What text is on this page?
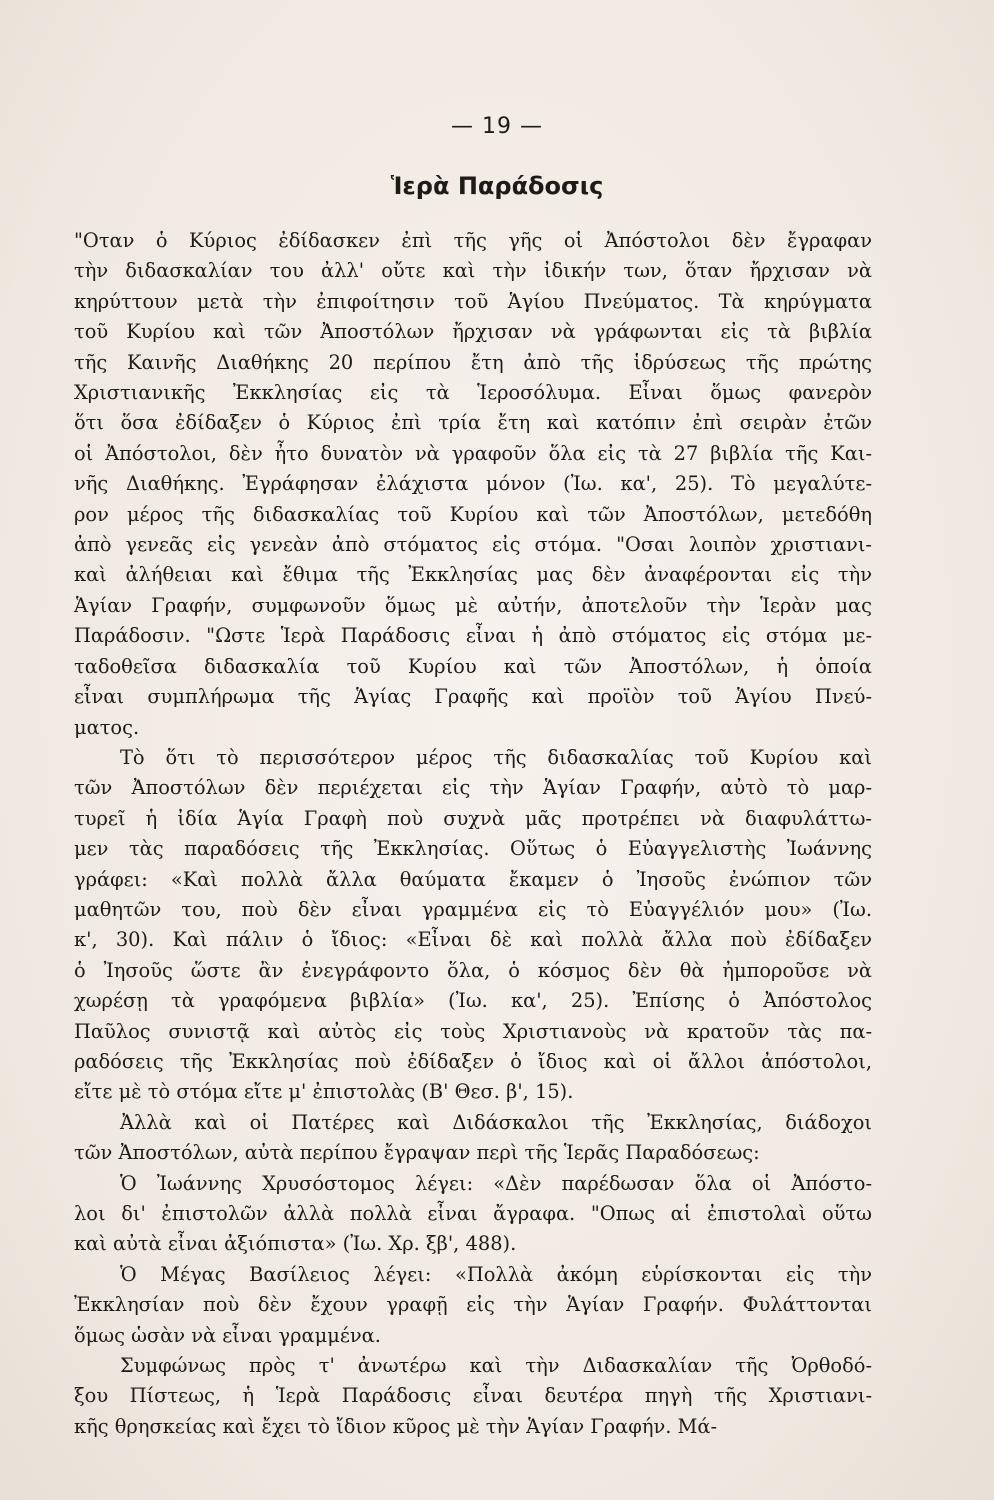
— 19 —
Ἱερὰ Παράδοσις
"Οταν ὁ Κύριος ἐδίδασκεν ἐπὶ τῆς γῆς οἱ Ἀπόστολοι δὲν ἔγραφαν
τὴν διδασκαλίαν του ἀλλ' οὔτε καὶ τὴν ἰδικήν των, ὅταν ἤρχισαν νὰ
κηρύττουν μετὰ τὴν ἐπιφοίτησιν τοῦ Ἁγίου Πνεύματος. Τὰ κηρύγματα
τοῦ Κυρίου καὶ τῶν Ἀποστόλων ἤρχισαν νὰ γράφωνται εἰς τὰ βιβλία
τῆς Καινῆς Διαθήκης 20 περίπου ἔτη ἀπὸ τῆς ἱδρύσεως τῆς πρώτης
Χριστιανικῆς Ἐκκλησίας εἰς τὰ Ἱεροσόλυμα. Εἶναι ὅμως φανερὸν
ὅτι ὅσα ἐδίδαξεν ὁ Κύριος ἐπὶ τρία ἔτη καὶ κατόπιν ἐπὶ σειρὰν ἐτῶν
οἱ Ἀπόστολοι, δὲν ἦτο δυνατὸν νὰ γραφοῦν ὅλα εἰς τὰ 27 βιβλία τῆς Και-
νῆς Διαθήκης. Ἐγράφησαν ἐλάχιστα μόνον (Ἰω. κα', 25). Τὸ μεγαλύτε-
ρον μέρος τῆς διδασκαλίας τοῦ Κυρίου καὶ τῶν Ἀποστόλων, μετεδόθη
ἀπὸ γενεᾶς εἰς γενεὰν ἀπὸ στόματος εἰς στόμα. "Οσαι λοιπὸν χριστιανι-
καὶ ἀλήθειαι καὶ ἔθιμα τῆς Ἐκκλησίας μας δὲν ἀναφέρονται εἰς τὴν
Ἁγίαν Γραφήν, συμφωνοῦν ὅμως μὲ αὐτήν, ἀποτελοῦν τὴν Ἱερὰν μας
Παράδοσιν. "Ωστε Ἱερὰ Παράδοσις εἶναι ἡ ἀπὸ στόματος εἰς στόμα με-
ταδοθεῖσα διδασκαλία τοῦ Κυρίου καὶ τῶν Ἀποστόλων, ἡ ὁποία
εἶναι συμπλήρωμα τῆς Ἁγίας Γραφῆς καὶ προϊὸν τοῦ Ἁγίου Πνεύ-
ματος.
Τὸ ὅτι τὸ περισσότερον μέρος τῆς διδασκαλίας τοῦ Κυρίου καὶ
τῶν Ἀποστόλων δὲν περιέχεται εἰς τὴν Ἁγίαν Γραφήν, αὐτὸ τὸ μαρ-
τυρεῖ ἡ ἰδία Ἁγία Γραφὴ ποὺ συχνὰ μᾶς προτρέπει νὰ διαφυλάττω-
μεν τὰς παραδόσεις τῆς Ἐκκλησίας. Οὕτως ὁ Εὐαγγελιστὴς Ἰωάννης
γράφει: «Καὶ πολλὰ ἄλλα θαύματα ἔκαμεν ὁ Ἰησοῦς ἐνώπιον τῶν
μαθητῶν του, ποὺ δὲν εἶναι γραμμένα εἰς τὸ Εὐαγγέλιόν μου» (Ἰω.
κ', 30). Καὶ πάλιν ὁ ἴδιος: «Εἶναι δὲ καὶ πολλὰ ἄλλα ποὺ ἐδίδαξεν
ὁ Ἰησοῦς ὥστε ἂν ἐνεγράφοντο ὅλα, ὁ κόσμος δὲν θὰ ἠμποροῦσε νὰ
χωρέσῃ τὰ γραφόμενα βιβλία» (Ἰω. κα', 25). Ἐπίσης ὁ Ἀπόστολος
Παῦλος συνιστᾷ καὶ αὐτὸς εἰς τοὺς Χριστιανοὺς νὰ κρατοῦν τὰς πα-
ραδόσεις τῆς Ἐκκλησίας ποὺ ἐδίδαξεν ὁ ἴδιος καὶ οἱ ἄλλοι ἀπόστολοι,
εἴτε μὲ τὸ στόμα εἴτε μ' ἐπιστολὰς (Β' Θεσ. β', 15).
Ἀλλὰ καὶ οἱ Πατέρες καὶ Διδάσκαλοι τῆς Ἐκκλησίας, διάδοχοι
τῶν Ἀποστόλων, αὐτὰ περίπου ἔγραψαν περὶ τῆς Ἱερᾶς Παραδόσεως:
Ὁ Ἰωάννης Χρυσόστομος λέγει: «Δὲν παρέδωσαν ὅλα οἱ Ἀπόστο-
λοι δι' ἐπιστολῶν ἀλλὰ πολλὰ εἶναι ἄγραφα. "Οπως αἱ ἐπιστολαὶ οὕτω
καὶ αὐτὰ εἶναι ἀξιόπιστα» (Ἰω. Χρ. ξβ', 488).
Ὁ Μέγας Βασίλειος λέγει: «Πολλὰ ἀκόμη εὑρίσκονται εἰς τὴν
Ἐκκλησίαν ποὺ δὲν ἔχουν γραφῇ εἰς τὴν Ἁγίαν Γραφήν. Φυλάττονται
ὅμως ὡσὰν νὰ εἶναι γραμμένα.
Συμφώνως πρὸς τ' ἀνωτέρω καὶ τὴν Διδασκαλίαν τῆς Ὀρθοδό-
ξου Πίστεως, ἡ Ἱερὰ Παράδοσις εἶναι δευτέρα πηγὴ τῆς Χριστιανι-
κῆς θρησκείας καὶ ἔχει τὸ ἴδιον κῦρος μὲ τὴν Ἁγίαν Γραφήν. Μά-
